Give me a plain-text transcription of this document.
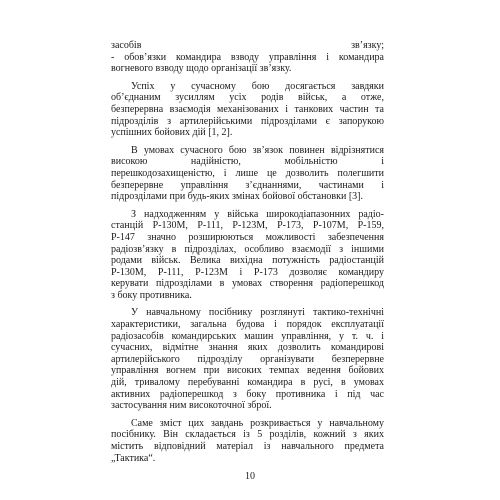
засобів зв’язку;
- обов’язки командира взводу управління і командира
вогневого взводу щодо організації зв’язку.
Успіх у сучасному бою досягається завдяки
об’єднаним зусиллям усіх родів військ, а отже,
безперервна взаємодія механізованих і танкових частин та
підрозділів з артилерійськими підрозділами є запорукою
успішних бойових дій [1, 2].
В умовах сучасного бою зв’язок повинен відрізнятися
високою надійністю, мобільністю і
перешкодозахищеністю, і лише це дозволить полегшити
безперервне управління з’єднаннями, частинами і
підрозділами при будь-яких змінах бойової обстановки [3].
З надходженням у війська широкодіапазонних радіо-
станцій Р-130М, Р-111, Р-123М, Р-173, Р-107М, Р-159,
Р-147 значно розширюються можливості забезпечення
радіозв’язку в підрозділах, особливо взаємодії з іншими
родами військ. Велика вихідна потужність радіостанцій
Р-130М, Р-111, Р-123М і Р-173 дозволяє командиру
керувати підрозділами в умовах створення радіоперешкод
з боку противника.
У навчальному посібнику розглянуті тактико-технічні
характеристики, загальна будова і порядок експлуатації
радіозасобів командирських машин управління, у т. ч. і
сучасних, відмітне знання яких дозволить командирові
артилерійського підрозділу організувати безперервне
управління вогнем при високих темпах ведення бойових
дій, тривалому перебуванні командира в русі, в умовах
активних радіоперешкод з боку противника і під час
застосування ним високоточної зброї.
Саме зміст цих завдань розкривається у навчальному
посібнику. Він складається із 5 розділів, кожний з яких
містить відповідний матеріал із навчального предмета
„Тактика“.
10
